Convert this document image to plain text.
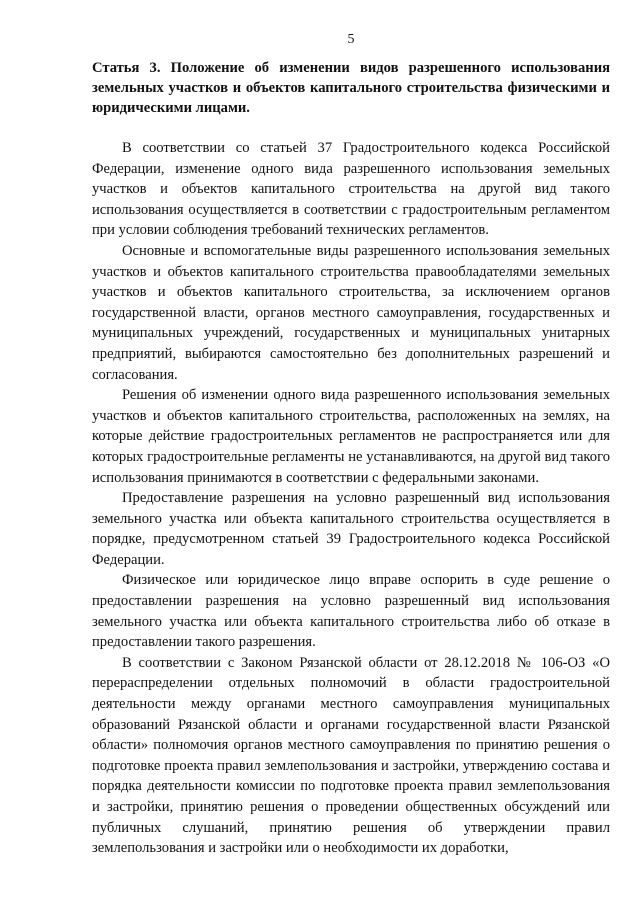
5
Статья 3. Положение об изменении видов разрешенного использования земельных участков и объектов капитального строительства физическими и юридическими лицами.

В соответствии со статьей 37 Градостроительного кодекса Российской Федерации, изменение одного вида разрешенного использования земельных участков и объектов капитального строительства на другой вид такого использования осуществляется в соответствии с градостроительным регламентом при условии соблюдения требований технических регламентов.

Основные и вспомогательные виды разрешенного использования земельных участков и объектов капитального строительства правообладателями земельных участков и объектов капитального строительства, за исключением органов государственной власти, органов местного самоуправления, государственных и муниципальных учреждений, государственных и муниципальных унитарных предприятий, выбираются самостоятельно без дополнительных разрешений и согласования.

Решения об изменении одного вида разрешенного использования земельных участков и объектов капитального строительства, расположенных на землях, на которые действие градостроительных регламентов не распространяется или для которых градостроительные регламенты не устанавливаются, на другой вид такого использования принимаются в соответствии с федеральными законами.

Предоставление разрешения на условно разрешенный вид использования земельного участка или объекта капитального строительства осуществляется в порядке, предусмотренном статьей 39 Градостроительного кодекса Российской Федерации.

Физическое или юридическое лицо вправе оспорить в суде решение о предоставлении разрешения на условно разрешенный вид использования земельного участка или объекта капитального строительства либо об отказе в предоставлении такого разрешения.

В соответствии с Законом Рязанской области от 28.12.2018 № 106-ОЗ «О перераспределении отдельных полномочий в области градостроительной деятельности между органами местного самоуправления муниципальных образований Рязанской области и органами государственной власти Рязанской области» полномочия органов местного самоуправления по принятию решения о подготовке проекта правил землепользования и застройки, утверждению состава и порядка деятельности комиссии по подготовке проекта правил землепользования и застройки, принятию решения о проведении общественных обсуждений или публичных слушаний, принятию решения об утверждении правил землепользования и застройки или о необходимости их доработки,
